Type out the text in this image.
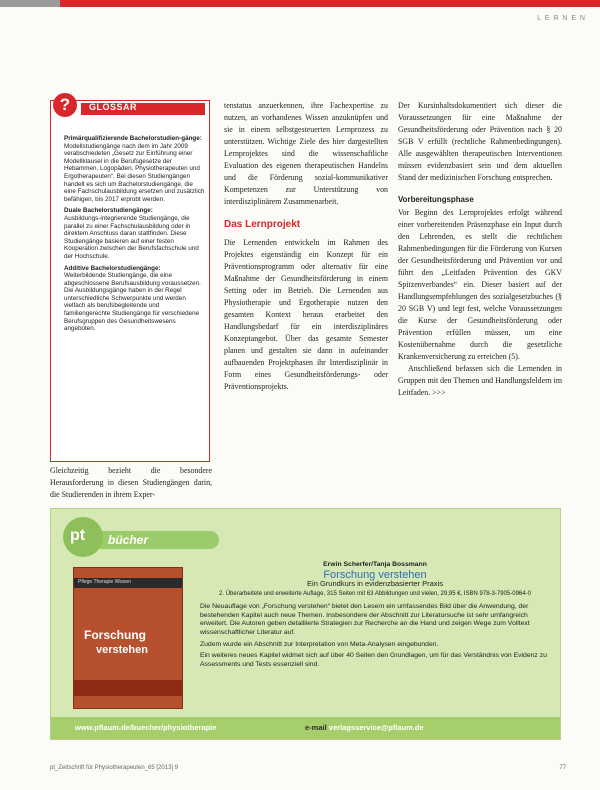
L E R N E N
?	GLOSSAR

Primärqualifizierende Bachelorstudien-gänge:
Modellstudiengänge nach dem im Jahr 2009 verabschiedeten „Gesetz zur Einführung einer Modellklausel in die Berufsgesetze der Hebammen, Logopäden, Physiotherapeuten und Ergotherapeuten“. Bei diesen Studiengängen handelt es sich um Bachelorstudiengänge, die eine Fachschulausbildung ersetzen und zusätzlich befähigen, bis 2017 erprobt werden.

Duale Bachelorstudiengänge:
Ausbildungs-integrierende Studiengänge, die parallel zu einer Fachschulausbildung oder in direktem Anschluss daran stattfinden. Diese Studiengänge basieren auf einer festen Kooperation zwischen der Berufsfachschule und der Hochschule.

Additive Bachelorstudiengänge:
Weiterbildende Studiengänge, die eine abgeschlossene Berufsausbildung voraussetzen. Die Ausbildungsgänge haben in der Regel unterschiedliche Schwerpunkte und werden vielfach als berufsbegleitende und familiengerechte Studiengänge für verschiedene Berufsgruppen des Gesundheitswesens angeboten.

Gleichzeitig bezieht die besondere Herausforderung in diesen Studiengängen darin, die Studierenden in ihrem Exper-

tenstatus anzuerkennen, ihre Fachexpertise zu nutzen, an vorhandenes Wissen anzuknüpfen und sie in einem selbstgesteuerten Lernprozess zu unterstützen. Wichtige Ziele des hier dargestellten Lernprojektes sind die wissenschaftliche Evaluation des eigenen therapeutischen Handelns und die Förderung sozial-kommunikativer Kompetenzen zur Unterstützung von interdisziplinärem Zusammenarbeit.

Das Lernprojekt

Die Lernenden entwickeln im Rahmen des Projektes eigenständig ein Konzept für ein Präventionsprogramm oder alternativ für eine Maßnahme der Gesundheitsförderung in einem Setting oder im Betrieb. Die Lernenden aus Physiotherapie und Ergotherapie nutzen den gesamten Kontext heraus erarbeitet den Handlungsbedarf für ein interdisziplinäres Konzeptangebot. Über das gesamte Semester planen und gestalten sie dann in aufeinander aufbauenden Projektphasen ihr Interdisziplinär in Form eines Gesundheitsförderungs- oder Präventionsprojekts.

Der Kursinhaltsdokumentiert sich dieser die Voraussetzungen für eine Maßnahme der Gesundheitsförderung oder Prävention nach § 20 SGB V erfüllt (rechtliche Rahmenbedingungen). Alle ausgewählten therapeutischen Interventionen müssen evidenzbasiert sein und dem aktuellen Stand der medizinischen Forschung entsprechen.

Vorbereitungsphase

Vor Beginn des Lernprojektes erfolgt während einer vorbereitenden Präsenzphase ein Input durch den Lehrenden, es stellt die rechtlichen Rahmenbedingungen für die Förderung von Kursen der Gesundheitsförderung und Prävention vor und führt den „Leitfaden Prävention des GKV Spitzenverbandes“ ein. Dieser basiert auf der Handlungsempfehlungen des sozialgesetzbuches (§ 20 SGB V) und legt fest, welche Voraussetzungen die Kurse der Gesundheitsförderung oder Prävention erfüllen müssen, um eine Kostenübernahme durch die gesetzliche Krankenversicherung zu erreichen (5).

Anschließend befassen sich die Lernenden in Gruppen mit den Themen und Handlungsfeldern im Leitfaden. >>>

pt bücher
Pflege Therapie Wissen
Forschung
verstehen
Erwin Scherfer/Tanja Bossmann
Forschung verstehen
Ein Grundkurs in evidenzbasierter Praxis
2. Überarbeitete und erweiterte Auflage, 315 Seiten mit 63 Abbildungen und vielen, 29,95 €, ISBN 978-3-7905-0964-0

Die Neuauflage von „Forschung verstehen“ bietet den Lesern ein umfassendes Bild über die Anwendung, der bestehenden Kapitel auch neue Themen. Insbesondere der Abschnitt zur Literatursuche ist sehr umfangreich erweitert. Die Autoren geben detaillierte Strategien zur Recherche an die Hand und zeigen Wege zum Volltext wissenschaftlicher Literatur auf.

Zudem wurde ein Abschnitt zur Interpretation von Meta-Analysen eingebunden.

Ein weiteres neues Kapitel widmet sich auf über 40 Seiten den Grundlagen, um für das Verständnis von Evidenz zu Assessments und Tests essenziell sind.

www.pflaum.de/buecher/physiotherapie	e-mail verlagsservice@pflaum.de
pt_Zeitschrift für Physiotherapeuten_65 [2013] 9	77
